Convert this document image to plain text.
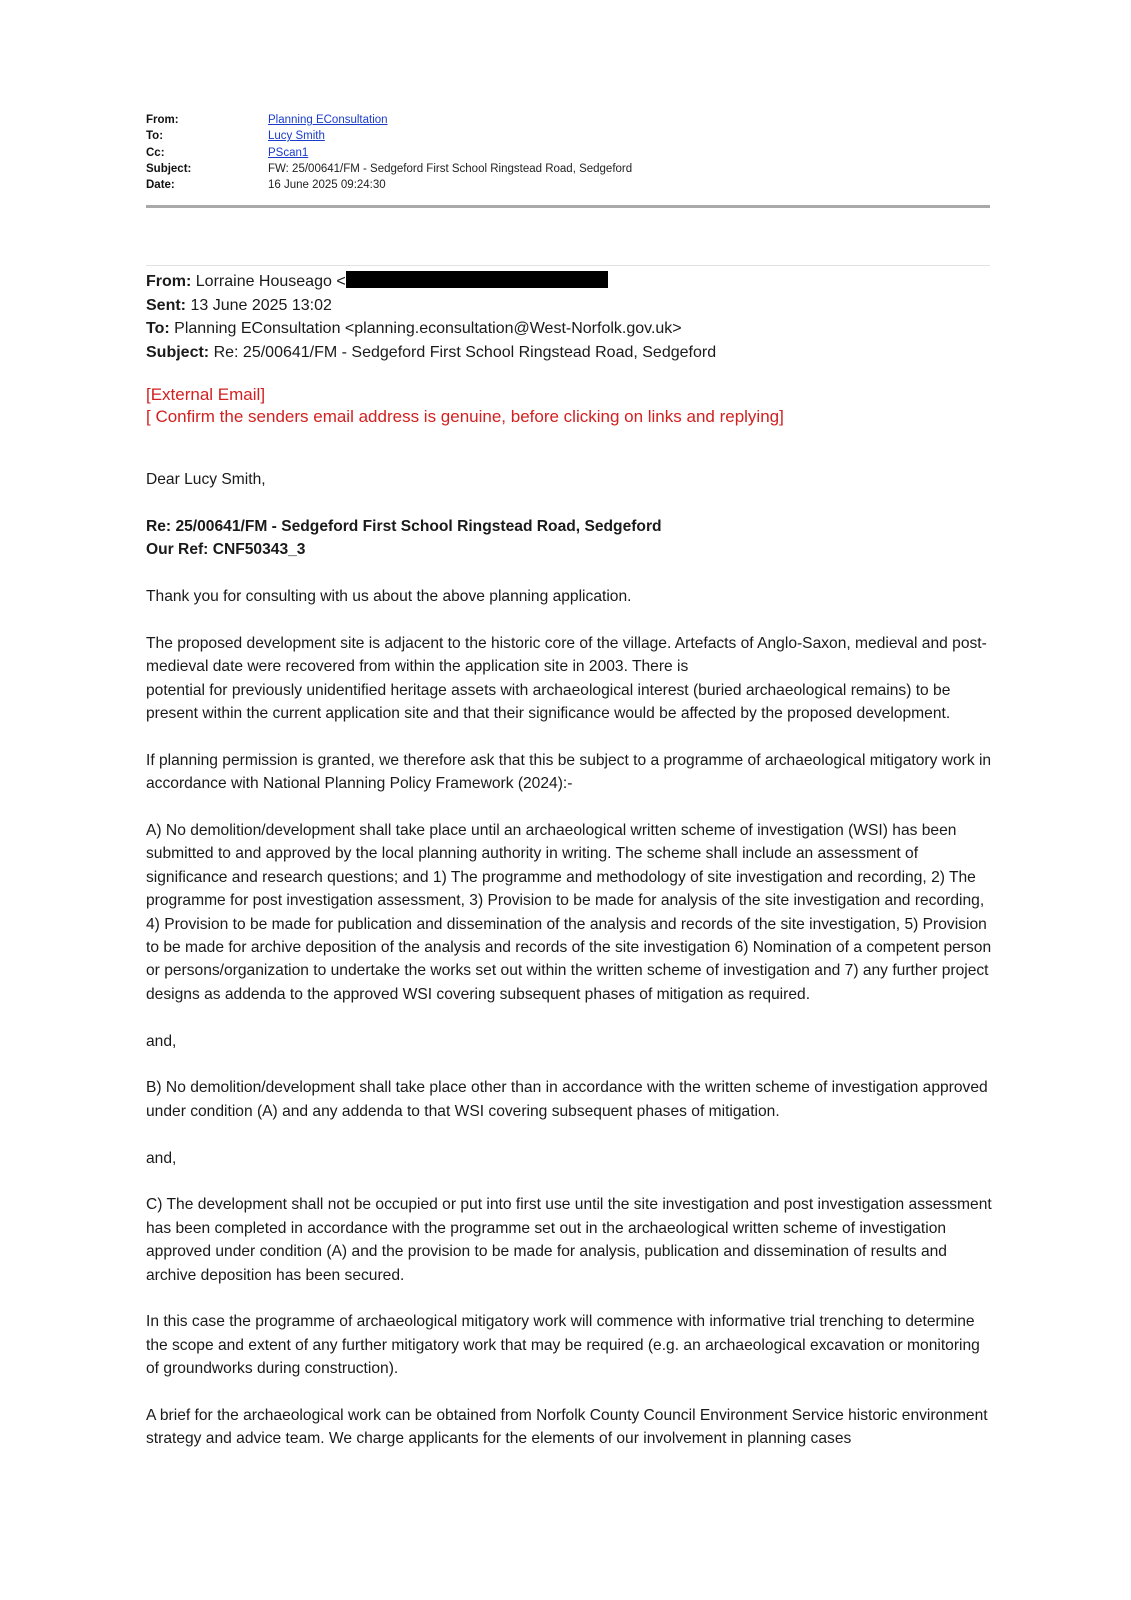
From:	Planning EConsultation
To:	Lucy Smith
Cc:	PScan1
Subject:	FW: 25/00641/FM - Sedgeford First School Ringstead Road, Sedgeford
Date:	16 June 2025 09:24:30
From: Lorraine Houseago <
Sent: 13 June 2025 13:02
To: Planning EConsultation <planning.econsultation@West-Norfolk.gov.uk>
Subject: Re: 25/00641/FM - Sedgeford First School Ringstead Road, Sedgeford
[External Email]
[ Confirm the senders email address is genuine, before clicking on links and replying]

Dear Lucy Smith,

Re: 25/00641/FM - Sedgeford First School Ringstead Road, Sedgeford
Our Ref: CNF50343_3

Thank you for consulting with us about the above planning application.

The proposed development site is adjacent to the historic core of the village. Artefacts of Anglo-Saxon, medieval and post-medieval date were recovered from within the application site in 2003. There is
potential for previously unidentified heritage assets with archaeological interest (buried archaeological remains) to be present within the current application site and that their significance would be affected by the proposed development.

If planning permission is granted, we therefore ask that this be subject to a programme of archaeological mitigatory work in accordance with National Planning Policy Framework (2024):-

A) No demolition/development shall take place until an archaeological written scheme of investigation (WSI) has been submitted to and approved by the local planning authority in writing. The scheme shall include an assessment of significance and research questions; and 1) The programme and methodology of site investigation and recording, 2) The programme for post investigation assessment, 3) Provision to be made for analysis of the site investigation and recording, 4) Provision to be made for publication and dissemination of the analysis and records of the site investigation, 5) Provision to be made for archive deposition of the analysis and records of the site investigation 6) Nomination of a competent person or persons/organization to undertake the works set out within the written scheme of investigation and 7) any further project designs as addenda to the approved WSI covering subsequent phases of mitigation as required.

and,

B) No demolition/development shall take place other than in accordance with the written scheme of investigation approved under condition (A) and any addenda to that WSI covering subsequent phases of mitigation.

and,

C) The development shall not be occupied or put into first use until the site investigation and post investigation assessment has been completed in accordance with the programme set out in the archaeological written scheme of investigation approved under condition (A) and the provision to be made for analysis, publication and dissemination of results and archive deposition has been secured.

In this case the programme of archaeological mitigatory work will commence with informative trial trenching to determine the scope and extent of any further mitigatory work that may be required (e.g. an archaeological excavation or monitoring of groundworks during construction).

A brief for the archaeological work can be obtained from Norfolk County Council Environment Service historic environment strategy and advice team. We charge applicants for the elements of our involvement in planning cases
